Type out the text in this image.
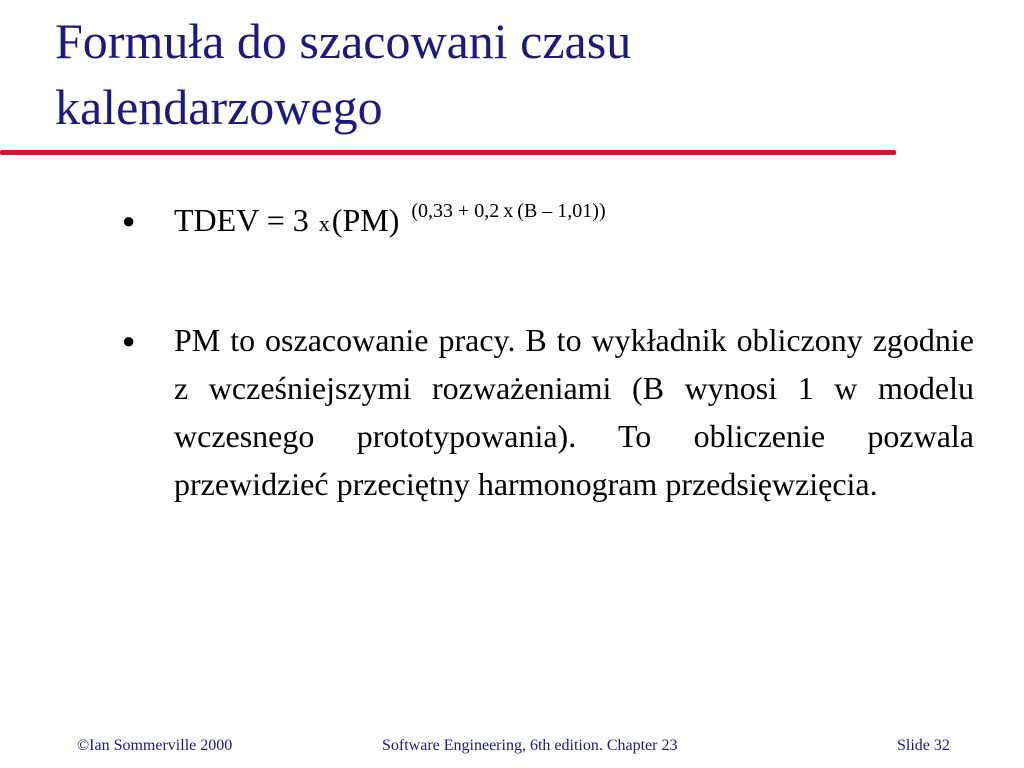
Formuła do szacowani czasu kalendarzowego
● TDEV = 3 x(PM) $^{(0,33 + 0,2 x (B - 1,01))}$
● PM to oszacowanie pracy. B to wykładnik obliczony zgodnie z wcześniejszymi rozważeniami (B wynosi 1 w modelu wczesnego prototypowania). To obliczenie pozwala przewidzieć przeciętny harmonogram przedsięwzięcia.

©Ian Sommerville 2000	Software Engineering, 6th edition. Chapter 23	Slide 32
